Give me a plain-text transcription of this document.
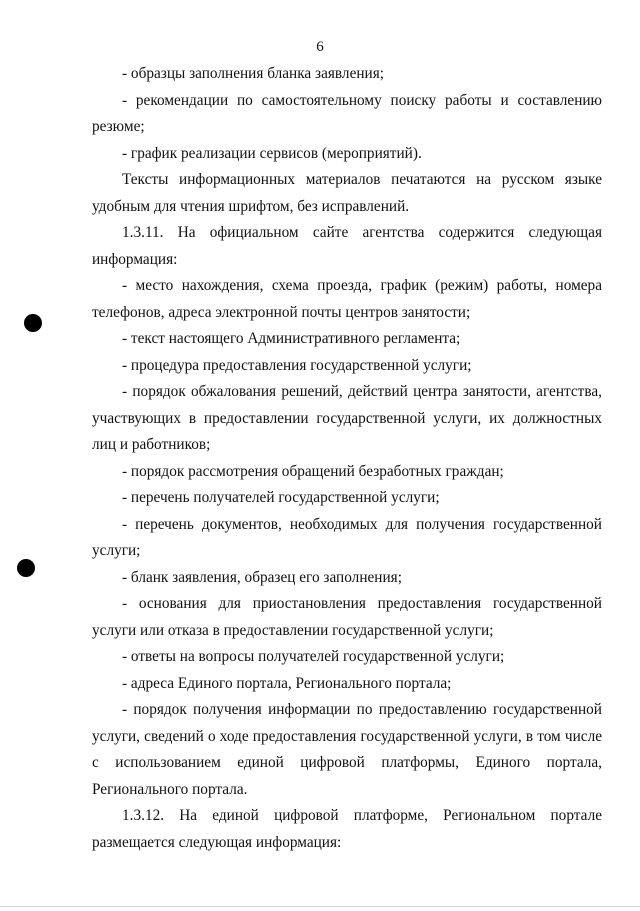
6

- образцы заполнения бланка заявления;

- рекомендации по самостоятельному поиску работы и составлению резюме;

- график реализации сервисов (мероприятий).

Тексты информационных материалов печатаются на русском языке удобным для чтения шрифтом, без исправлений.

1.3.11. На официальном сайте агентства содержится следующая информация:

- место нахождения, схема проезда, график (режим) работы, номера телефонов, адреса электронной почты центров занятости;

- текст настоящего Административного регламента;

- процедура предоставления государственной услуги;

- порядок обжалования решений, действий центра занятости, агентства, участвующих в предоставлении государственной услуги, их должностных лиц и работников;

- порядок рассмотрения обращений безработных граждан;

- перечень получателей государственной услуги;

- перечень документов, необходимых для получения государственной услуги;

- бланк заявления, образец его заполнения;

- основания для приостановления предоставления государственной услуги или отказа в предоставлении государственной услуги;

- ответы на вопросы получателей государственной услуги;

- адреса Единого портала, Регионального портала;

- порядок получения информации по предоставлению государственной услуги, сведений о ходе предоставления государственной услуги, в том числе с использованием единой цифровой платформы, Единого портала, Регионального портала.

1.3.12. На единой цифровой платформе, Региональном портале размещается следующая информация:
